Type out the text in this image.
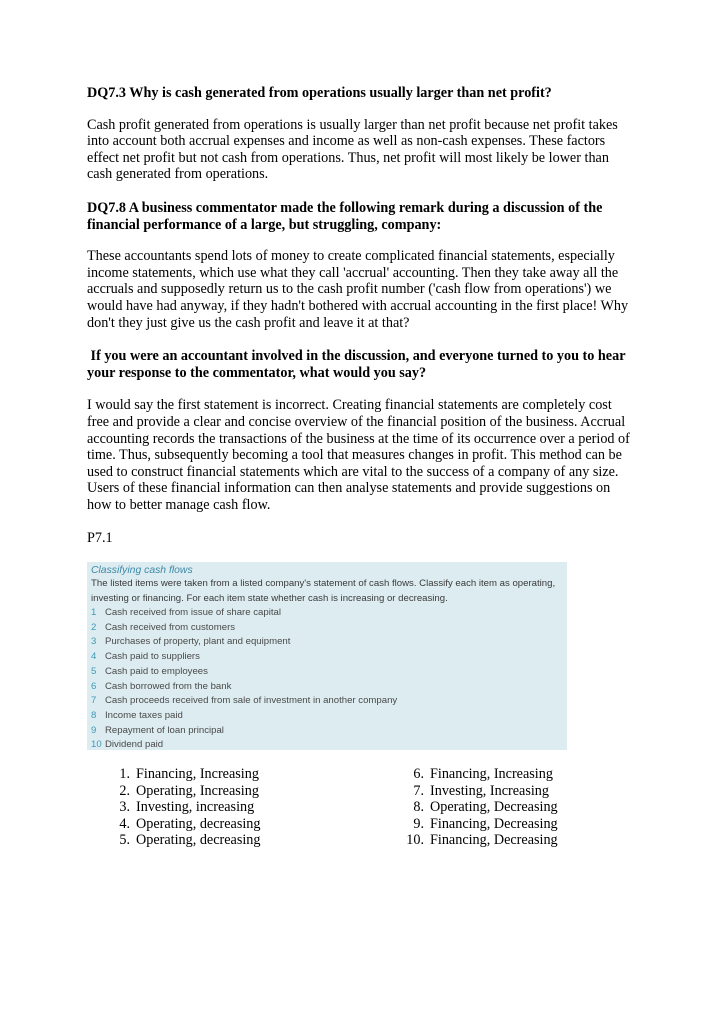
DQ7.3 Why is cash generated from operations usually larger than net profit?

Cash profit generated from operations is usually larger than net profit because net profit takes into account both accrual expenses and income as well as non-cash expenses. These factors effect net profit but not cash from operations. Thus, net profit will most likely be lower than cash generated from operations.

DQ7.8 A business commentator made the following remark during a discussion of the financial performance of a large, but struggling, company:

These accountants spend lots of money to create complicated financial statements, especially income statements, which use what they call 'accrual' accounting. Then they take away all the accruals and supposedly return us to the cash profit number ('cash flow from operations') we would have had anyway, if they hadn't bothered with accrual accounting in the first place! Why don't they just give us the cash profit and leave it at that?

If you were an accountant involved in the discussion, and everyone turned to you to hear your response to the commentator, what would you say?

I would say the first statement is incorrect. Creating financial statements are completely cost free and provide a clear and concise overview of the financial position of the business. Accrual accounting records the transactions of the business at the time of its occurrence over a period of time. Thus, subsequently becoming a tool that measures changes in profit. This method can be used to construct financial statements which are vital to the success of a company of any size. Users of these financial information can then analyse statements and provide suggestions on how to better manage cash flow.

P7.1

Classifying cash flows
The listed items were taken from a listed company's statement of cash flows. Classify each item as operating, investing or financing. For each item state whether cash is increasing or decreasing.
1 Cash received from issue of share capital
2 Cash received from customers
3 Purchases of property, plant and equipment
4 Cash paid to suppliers
5 Cash paid to employees
6 Cash borrowed from the bank
7 Cash proceeds received from sale of investment in another company
8 Income taxes paid
9 Repayment of loan principal
10 Dividend paid
1. Financing, Increasing
2. Operating, Increasing
3. Investing, increasing
4. Operating, decreasing
5. Operating, decreasing
6. Financing, Increasing
7. Investing, Increasing
8. Operating, Decreasing
9. Financing, Decreasing
10. Financing, Decreasing
